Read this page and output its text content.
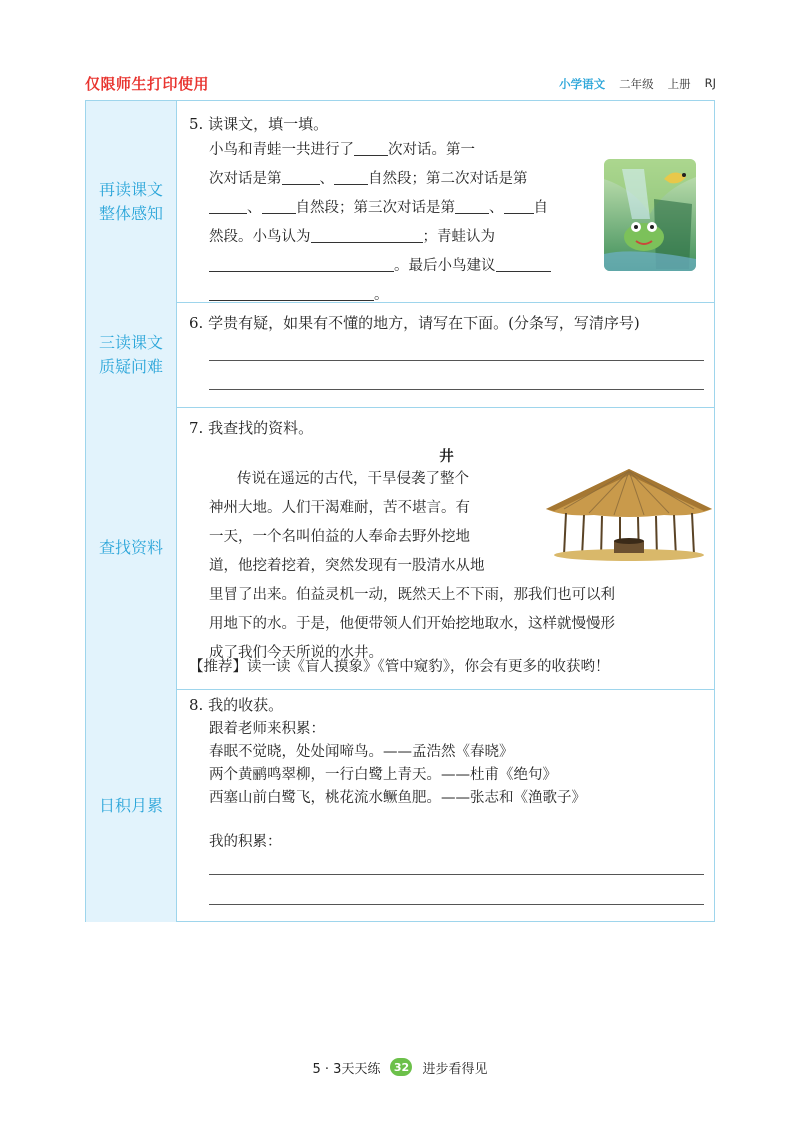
仅限师生打印使用	小学语文 二年级 上册 RJ
再读课文
整体感知
5. 读课文，填一填。
小鸟和青蛙一共进行了 次对话。第一
次对话是第	、 自然段；第二次对话是第
、 自然段；第三次对话是第 、 自
然段。小鸟认为	；青蛙认为
。最后小鸟建议
。
三读课文
质疑问难
6. 学贵有疑，如果有不懂的地方，请写在下面。(分条写，写清序号)
查找资料
7. 我查找的资料。
井
传说在遥远的古代，干旱侵袭了整个
神州大地。人们干渴难耐，苦不堪言。有
一天，一个名叫伯益的人奉命去野外挖地
道，他挖着挖着，突然发现有一股清水从地
里冒了出来。伯益灵机一动，既然天上不下雨，那我们也可以利
用地下的水。于是，他便带领人们开始挖地取水，这样就慢慢形
成了我们今天所说的水井。
【推荐】读一读《盲人摸象》《管中窥豹》，你会有更多的收获哟！
日积月累
8. 我的收获。
跟着老师来积累：
春眠不觉晓，处处闻啼鸟。——孟浩然《春晓》
两个黄鹂鸣翠柳，一行白鹭上青天。——杜甫《绝句》
西塞山前白鹭飞，桃花流水鳜鱼肥。——张志和《渔歌子》
我的积累：
5 · 3天天练	32 进步看得见
